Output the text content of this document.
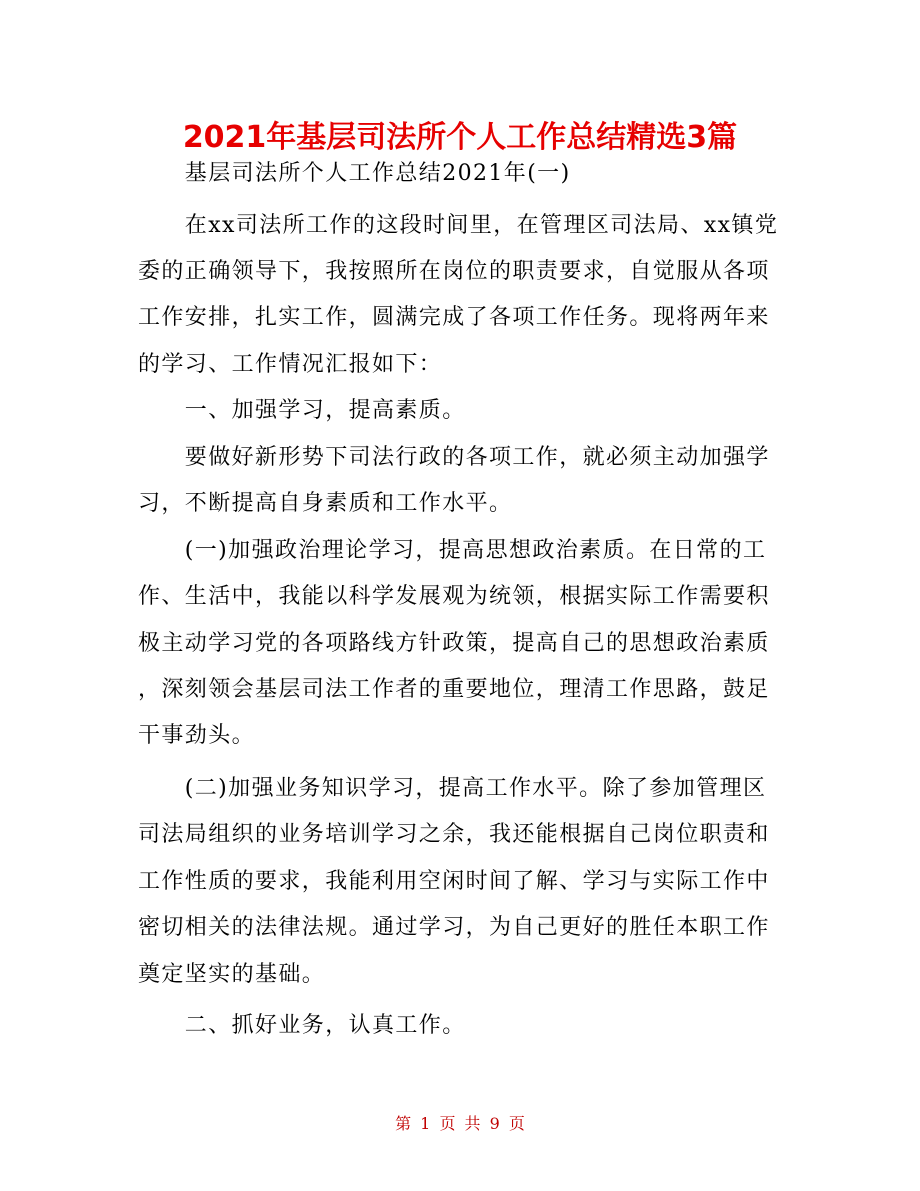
2021年基层司法所个人工作总结精选3篇
　　基层司法所个人工作总结2021年(一)
　　在xx司法所工作的这段时间里，在管理区司法局、xx镇党
委的正确领导下，我按照所在岗位的职责要求，自觉服从各项
工作安排，扎实工作，圆满完成了各项工作任务。现将两年来
的学习、工作情况汇报如下：
　　一、加强学习，提高素质。
　　要做好新形势下司法行政的各项工作，就必须主动加强学
习，不断提高自身素质和工作水平。
　　(一)加强政治理论学习，提高思想政治素质。在日常的工
作、生活中，我能以科学发展观为统领，根据实际工作需要积
极主动学习党的各项路线方针政策，提高自己的思想政治素质
，深刻领会基层司法工作者的重要地位，理清工作思路，鼓足
干事劲头。
　　(二)加强业务知识学习，提高工作水平。除了参加管理区
司法局组织的业务培训学习之余，我还能根据自己岗位职责和
工作性质的要求，我能利用空闲时间了解、学习与实际工作中
密切相关的法律法规。通过学习，为自己更好的胜任本职工作
奠定坚实的基础。
　　二、抓好业务，认真工作。
第 1 页 共 9 页
